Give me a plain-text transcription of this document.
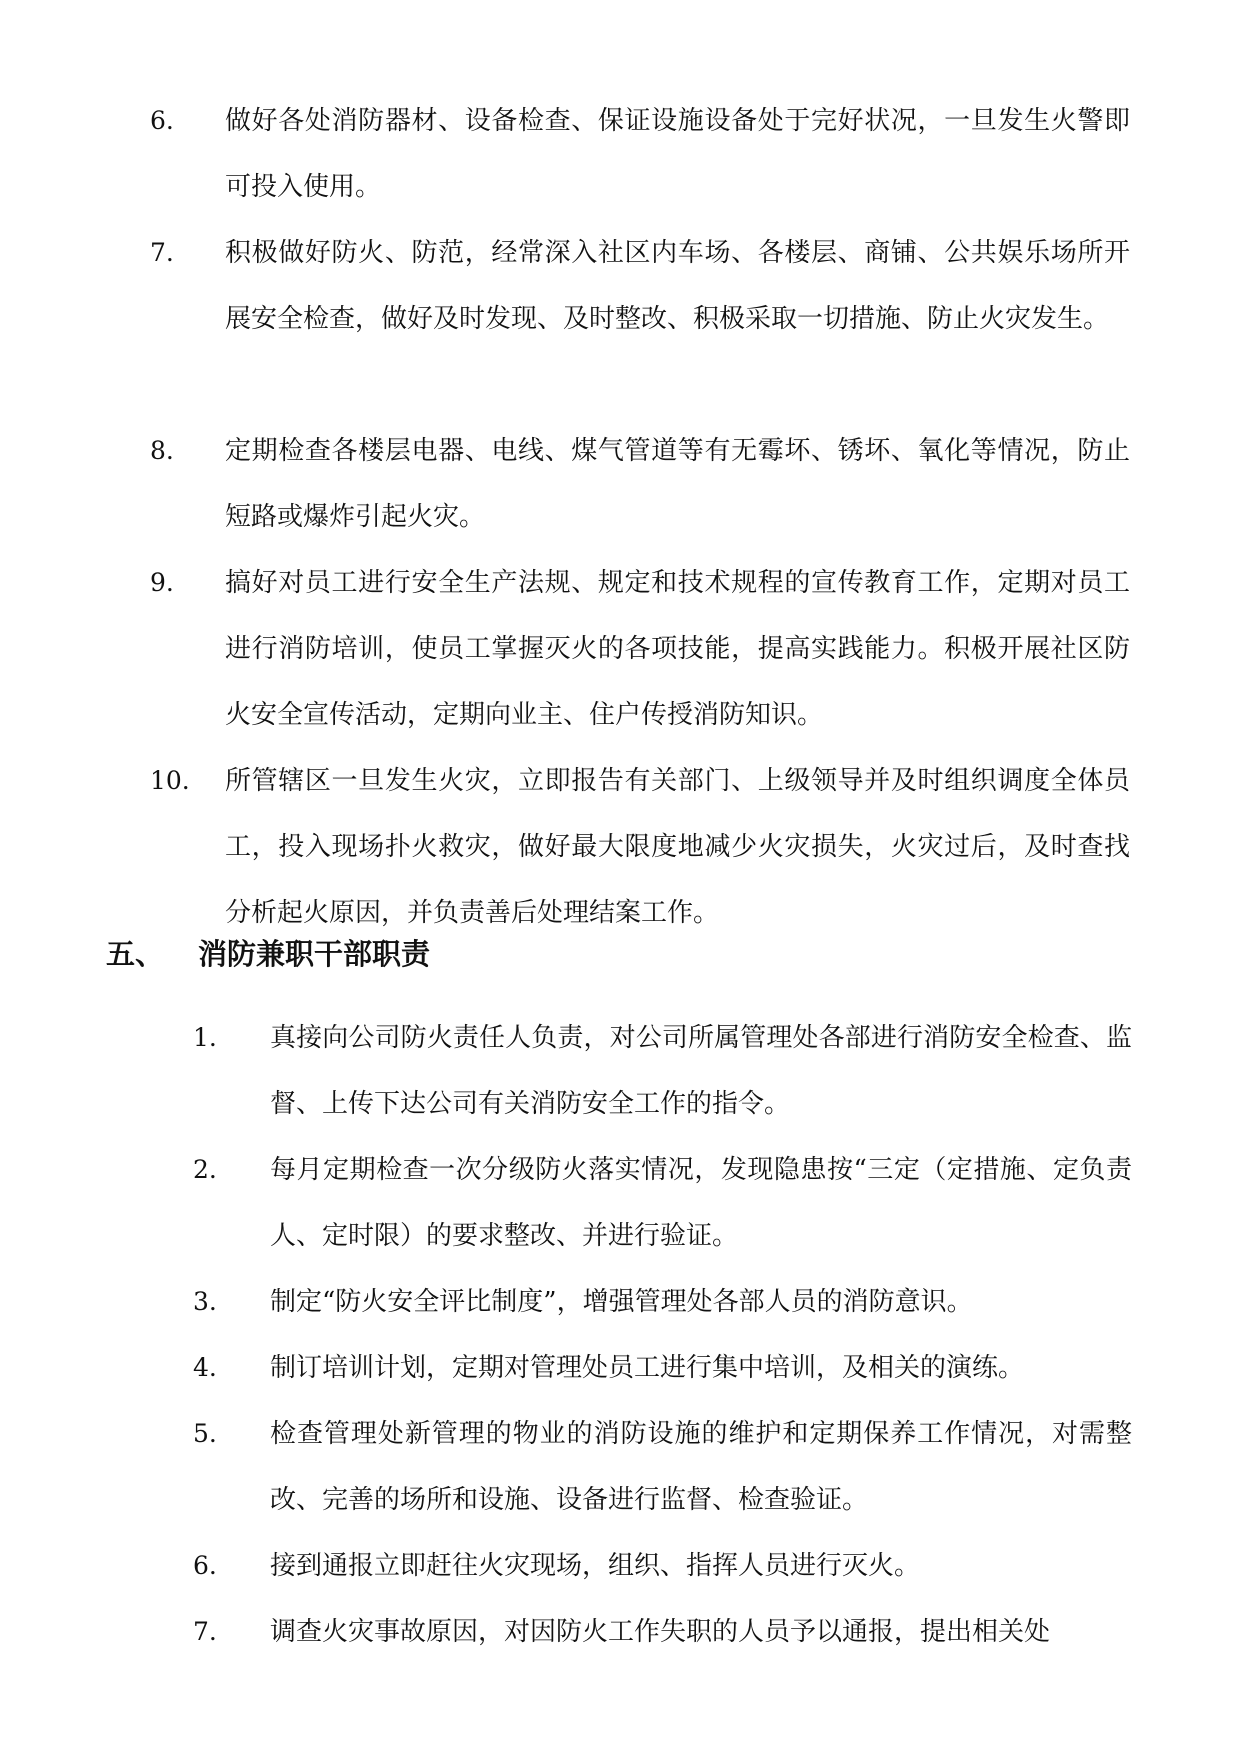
6. 做好各处消防器材、设备检查、保证设施设备处于完好状况，一旦发生火警即可投入使用。
7. 积极做好防火、防范，经常深入社区内车场、各楼层、商铺、公共娱乐场所开展安全检查，做好及时发现、及时整改、积极采取一切措施、防止火灾发生。
8. 定期检查各楼层电器、电线、煤气管道等有无霉坏、锈坏、氧化等情况，防止短路或爆炸引起火灾。
9. 搞好对员工进行安全生产法规、规定和技术规程的宣传教育工作，定期对员工进行消防培训，使员工掌握灭火的各项技能，提高实践能力。积极开展社区防火安全宣传活动，定期向业主、住户传授消防知识。
10. 所管辖区一旦发生火灾，立即报告有关部门、上级领导并及时组织调度全体员工，投入现场扑火救灾，做好最大限度地减少火灾损失，火灾过后，及时查找分析起火原因，并负责善后处理结案工作。
五、 消防兼职干部职责
1. 真接向公司防火责任人负责，对公司所属管理处各部进行消防安全检查、监督、上传下达公司有关消防安全工作的指令。
2. 每月定期检查一次分级防火落实情况，发现隐患按“三定（定措施、定负责人、定时限）的要求整改、并进行验证。
3. 制定“防火安全评比制度”，增强管理处各部人员的消防意识。
4. 制订培训计划，定期对管理处员工进行集中培训，及相关的演练。
5. 检查管理处新管理的物业的消防设施的维护和定期保养工作情况，对需整改、完善的场所和设施、设备进行监督、检查验证。
6. 接到通报立即赶往火灾现场，组织、指挥人员进行灭火。
7. 调查火灾事故原因，对因防火工作失职的人员予以通报，提出相关处
